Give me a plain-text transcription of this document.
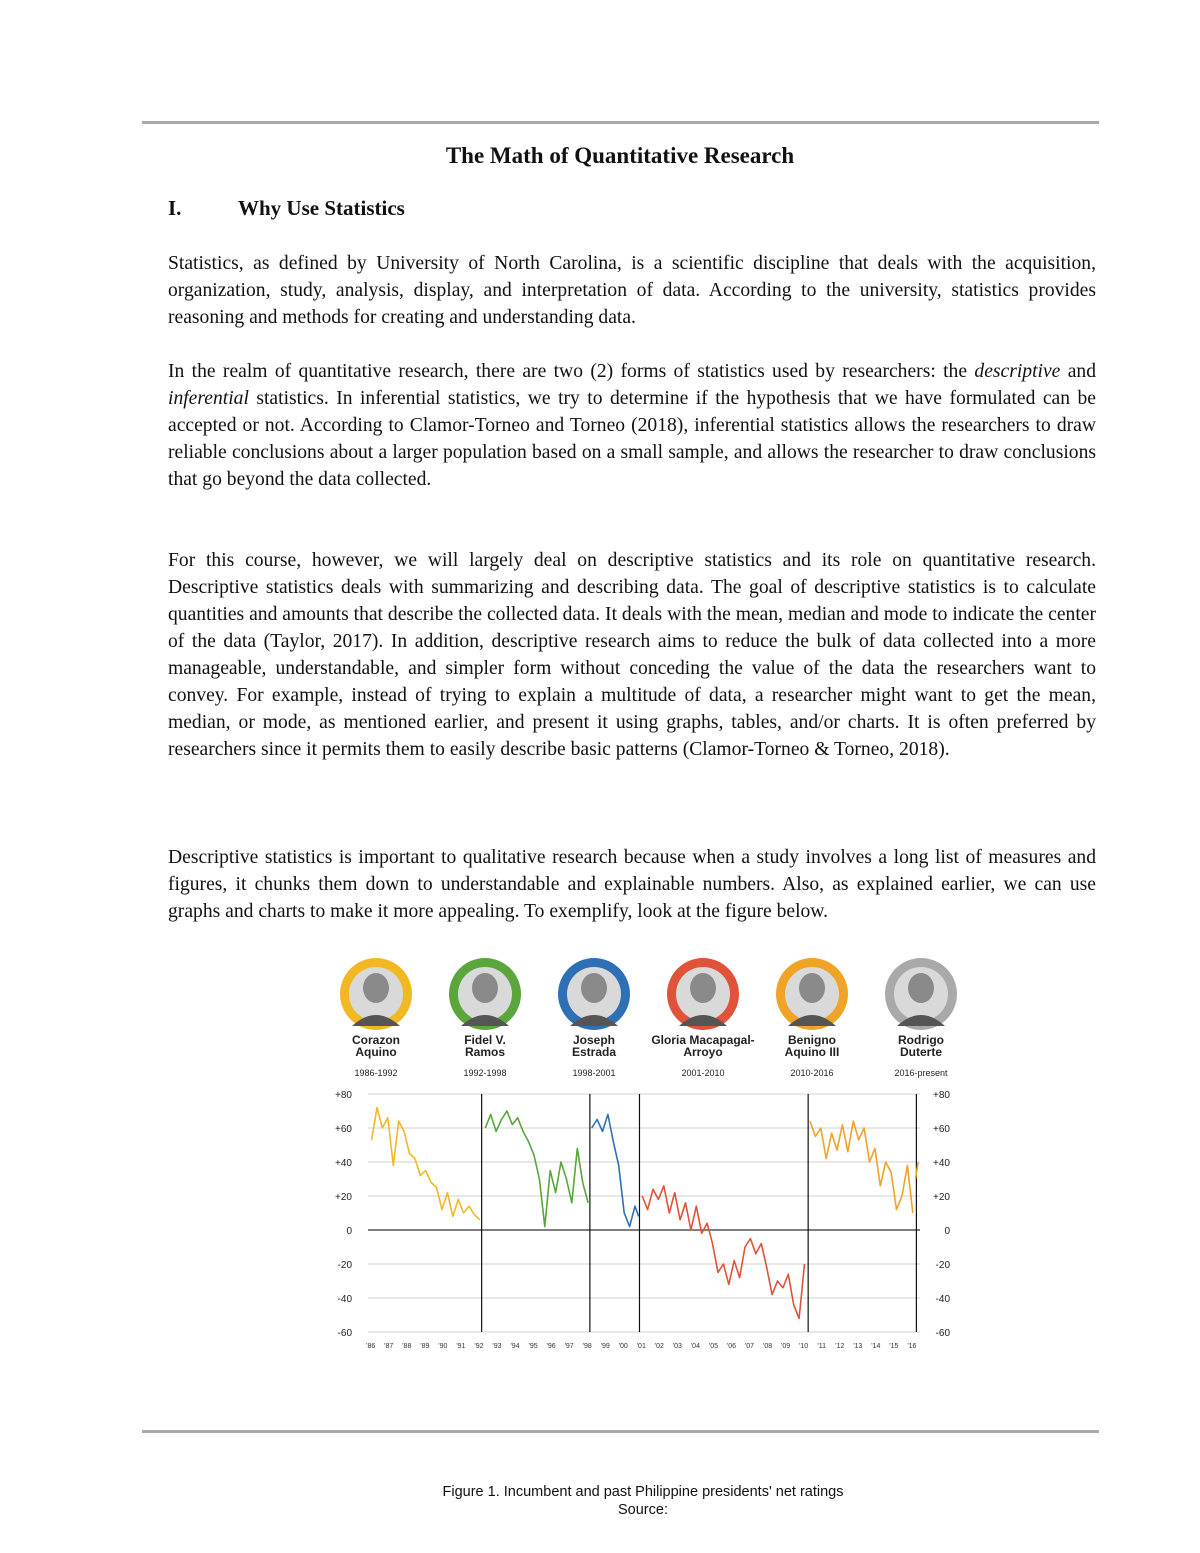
The Math of Quantitative Research
I.	Why Use Statistics
Statistics, as defined by University of North Carolina, is a scientific discipline that deals with the acquisition, organization, study, analysis, display, and interpretation of data. According to the university, statistics provides reasoning and methods for creating and understanding data.
In the realm of quantitative research, there are two (2) forms of statistics used by researchers: the descriptive and inferential statistics. In inferential statistics, we try to determine if the hypothesis that we have formulated can be accepted or not. According to Clamor-Torneo and Torneo (2018), inferential statistics allows the researchers to draw reliable conclusions about a larger population based on a small sample, and allows the researcher to draw conclusions that go beyond the data collected.
For this course, however, we will largely deal on descriptive statistics and its role on quantitative research. Descriptive statistics deals with summarizing and describing data. The goal of descriptive statistics is to calculate quantities and amounts that describe the collected data. It deals with the mean, median and mode to indicate the center of the data (Taylor, 2017). In addition, descriptive research aims to reduce the bulk of data collected into a more manageable, understandable, and simpler form without conceding the value of the data the researchers want to convey. For example, instead of trying to explain a multitude of data, a researcher might want to get the mean, median, or mode, as mentioned earlier, and present it using graphs, tables, and/or charts. It is often preferred by researchers since it permits them to easily describe basic patterns (Clamor-Torneo & Torneo, 2018).
Descriptive statistics is important to qualitative research because when a study involves a long list of measures and figures, it chunks them down to understandable and explainable numbers. Also, as explained earlier, we can use graphs and charts to make it more appealing. To exemplify, look at the figure below.
Corazon
Aquino
1986-1992
Fidel V.
Ramos
1992-1998
Joseph
Estrada
1998-2001
Gloria Macapagal-
Arroyo
2001-2010
Benigno
Aquino III
2010-2016
Rodrigo
Duterte
2016-present
+80	+80
+60	+60
+40	+40
+20	+20
0	0
-20	-20
-40	-40
-60	-60
'86 '87 '88 '89 '90 '91 '92 '93 '94 '95 '96 '97 '98 '99 '00 '01 '02 '03 '04 '05 '06 '07 '08 '09 '10 '11 '12 '13 '14 '15 '16
Figure 1. Incumbent and past Philippine presidents' net ratings
Source:
